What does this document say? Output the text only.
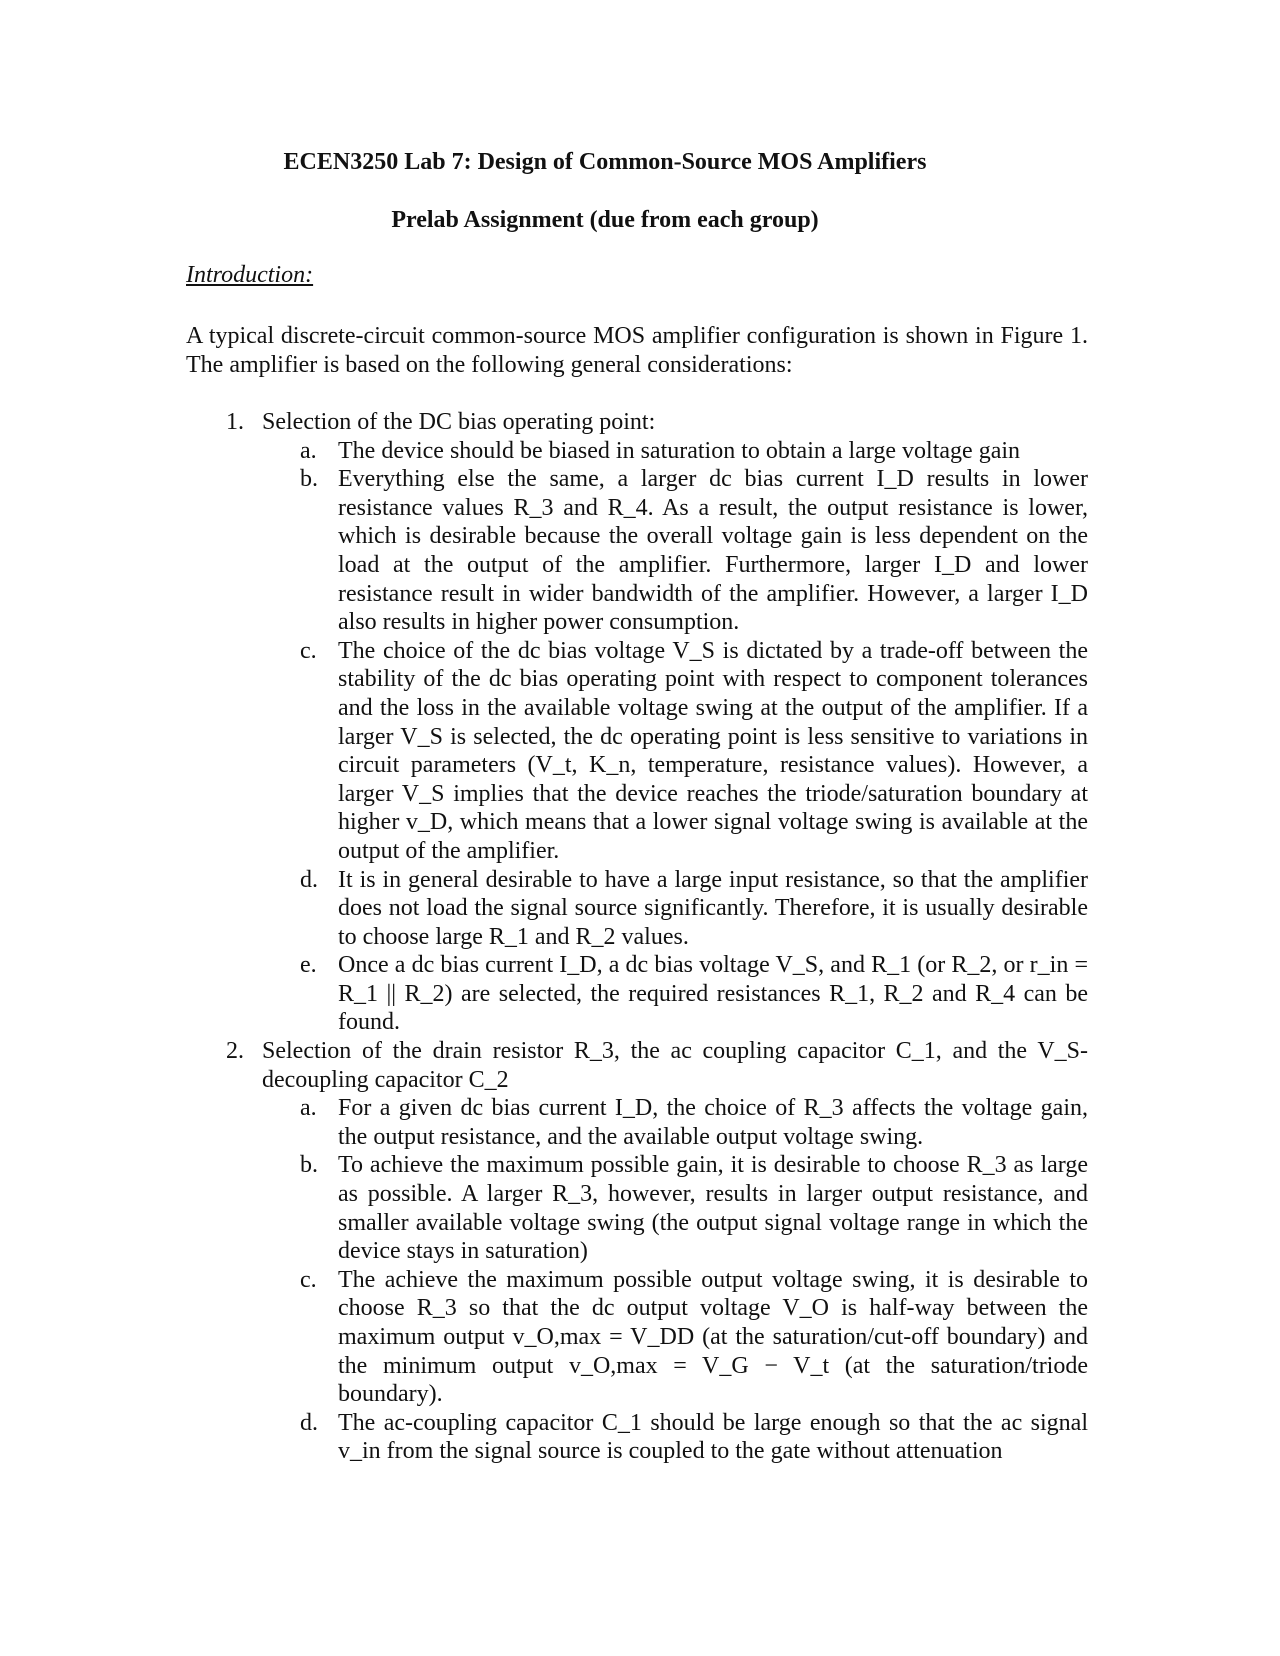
ECEN3250 Lab 7: Design of Common-Source MOS Amplifiers
Prelab Assignment (due from each group)
Introduction:
A typical discrete-circuit common-source MOS amplifier configuration is shown in Figure 1. The amplifier is based on the following general considerations:
1. Selection of the DC bias operating point:
a. The device should be biased in saturation to obtain a large voltage gain
b. Everything else the same, a larger dc bias current I_D results in lower resistance values R_3 and R_4. As a result, the output resistance is lower, which is desirable because the overall voltage gain is less dependent on the load at the output of the amplifier. Furthermore, larger I_D and lower resistance result in wider bandwidth of the amplifier. However, a larger I_D also results in higher power consumption.
c. The choice of the dc bias voltage V_S is dictated by a trade-off between the stability of the dc bias operating point with respect to component tolerances and the loss in the available voltage swing at the output of the amplifier. If a larger V_S is selected, the dc operating point is less sensitive to variations in circuit parameters (V_t, K_n, temperature, resistance values). However, a larger V_S implies that the device reaches the triode/saturation boundary at higher v_D, which means that a lower signal voltage swing is available at the output of the amplifier.
d. It is in general desirable to have a large input resistance, so that the amplifier does not load the signal source significantly. Therefore, it is usually desirable to choose large R_1 and R_2 values.
e. Once a dc bias current I_D, a dc bias voltage V_S, and R_1 (or R_2, or r_in = R_1 || R_2) are selected, the required resistances R_1, R_2 and R_4 can be found.
2. Selection of the drain resistor R_3, the ac coupling capacitor C_1, and the V_S-decoupling capacitor C_2
a. For a given dc bias current I_D, the choice of R_3 affects the voltage gain, the output resistance, and the available output voltage swing.
b. To achieve the maximum possible gain, it is desirable to choose R_3 as large as possible. A larger R_3, however, results in larger output resistance, and smaller available voltage swing (the output signal voltage range in which the device stays in saturation)
c. The achieve the maximum possible output voltage swing, it is desirable to choose R_3 so that the dc output voltage V_O is half-way between the maximum output v_O,max = V_DD (at the saturation/cut-off boundary) and the minimum output v_O,max = V_G − V_t (at the saturation/triode boundary).
d. The ac-coupling capacitor C_1 should be large enough so that the ac signal v_in from the signal source is coupled to the gate without attenuation
